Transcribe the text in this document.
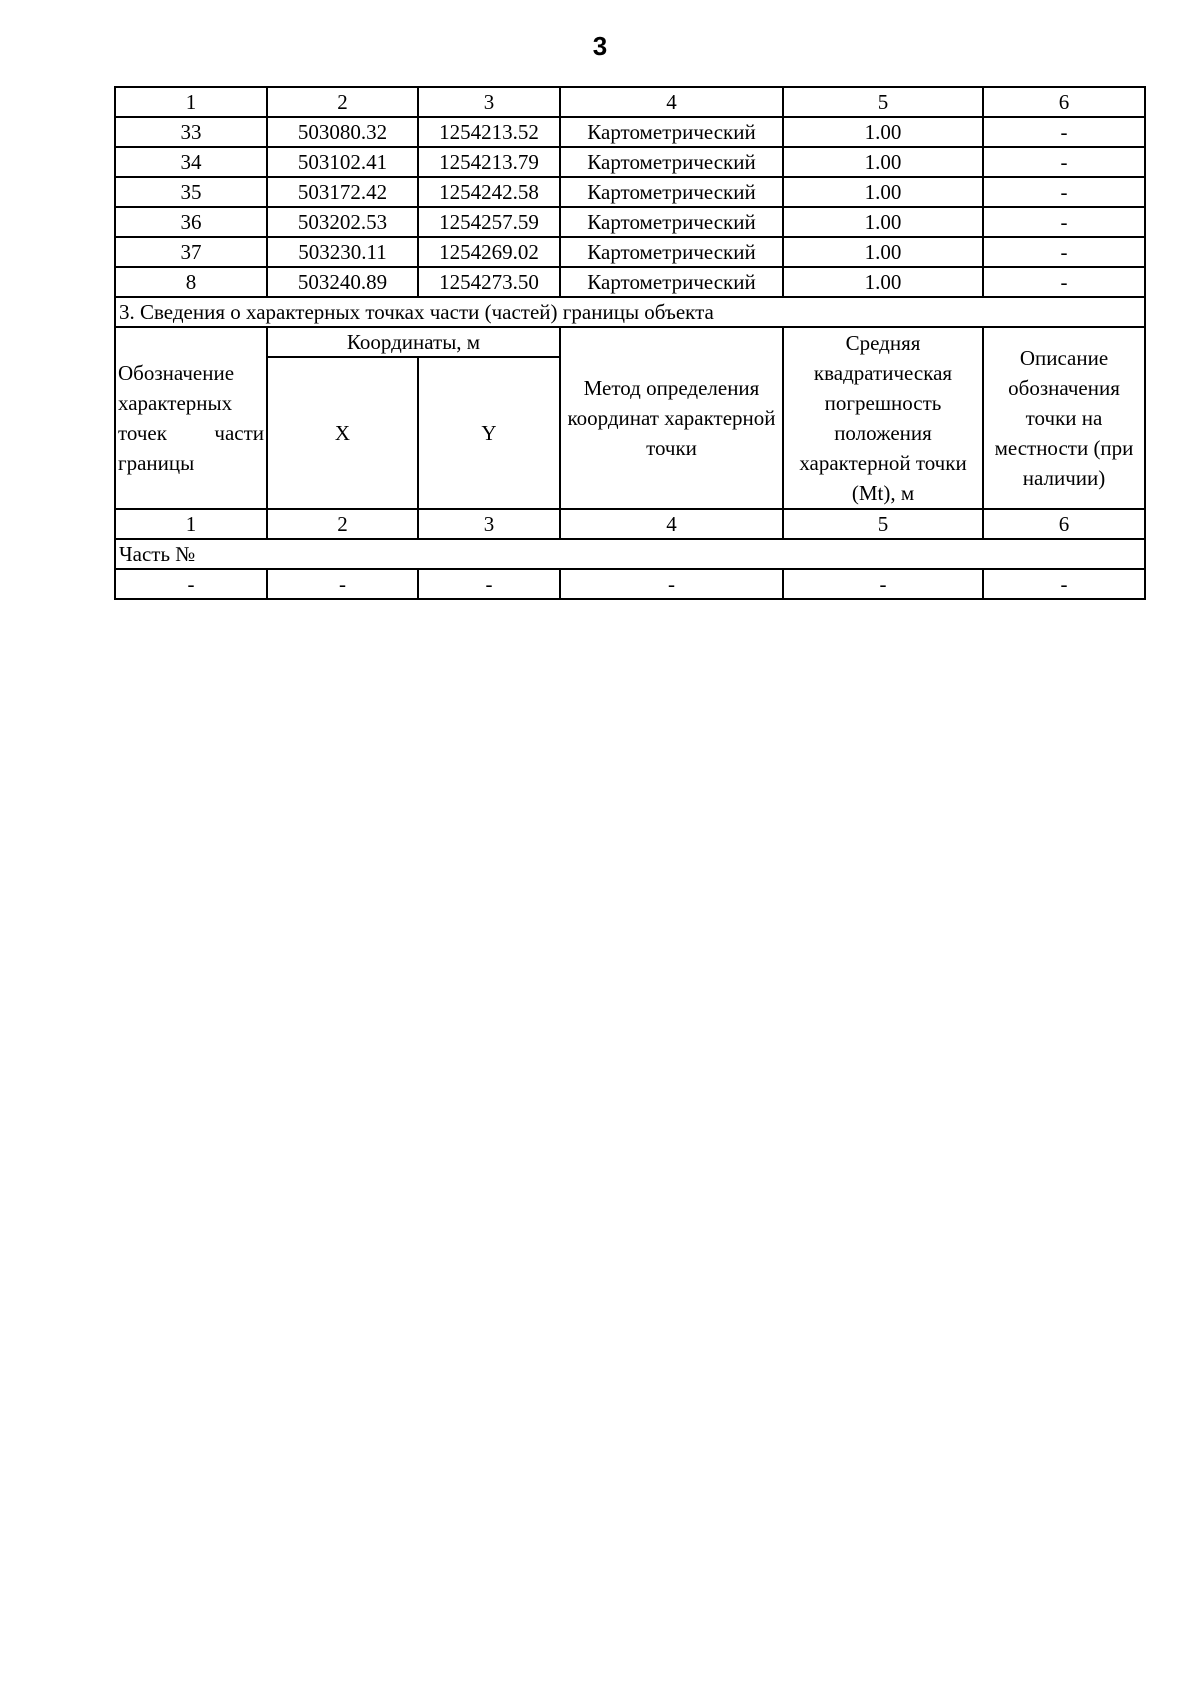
3
1	2	3	4	5	6
33	503080.32	1254213.52	Картометрический	1.00	-
34	503102.41	1254213.79	Картометрический	1.00	-
35	503172.42	1254242.58	Картометрический	1.00	-
36	503202.53	1254257.59	Картометрический	1.00	-
37	503230.11	1254269.02	Картометрический	1.00	-
8	503240.89	1254273.50	Картометрический	1.00	-
3. Сведения о характерных точках части (частей) границы объекта					
Обозначение характерных точек части границы	Координаты, м		Метод определения координат характерной точки	Средняя квадратическая погрешность положения характерной точки (Mt), м	Описание обозначения точки на местности (при наличии)
	X	Y			
1	2	3	4	5	6
Часть №					
-	-	-	-	-	-
